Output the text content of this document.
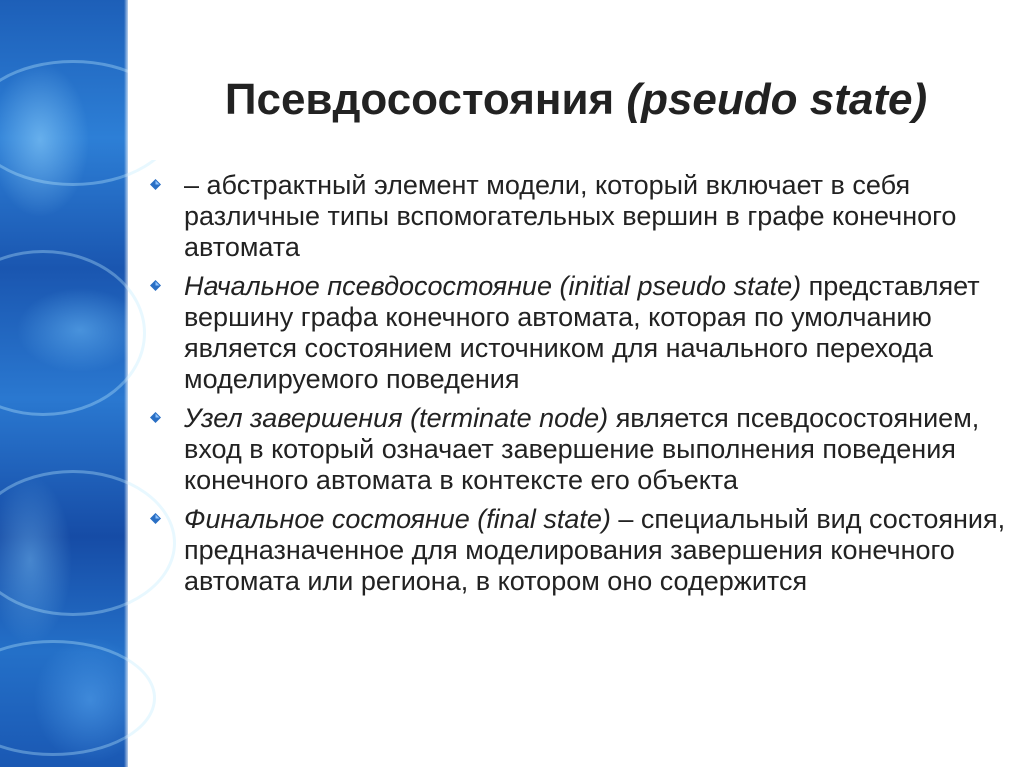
Псевдосостояния (pseudo state)
– абстрактный элемент модели, который включает в себя различные типы вспомогательных вершин в графе конечного автомата
Начальное псевдосостояние (initial pseudo state) представляет вершину графа конечного автомата, которая по умолчанию является состоянием источником для начального перехода моделируемого поведения
Узел завершения (terminate node) является псевдосостоянием, вход в который означает завершение выполнения поведения конечного автомата в контексте его объекта
Финальное состояние (final state) – специальный вид состояния, предназначенное для моделирования завершения конечного автомата или региона, в котором оно содержится
